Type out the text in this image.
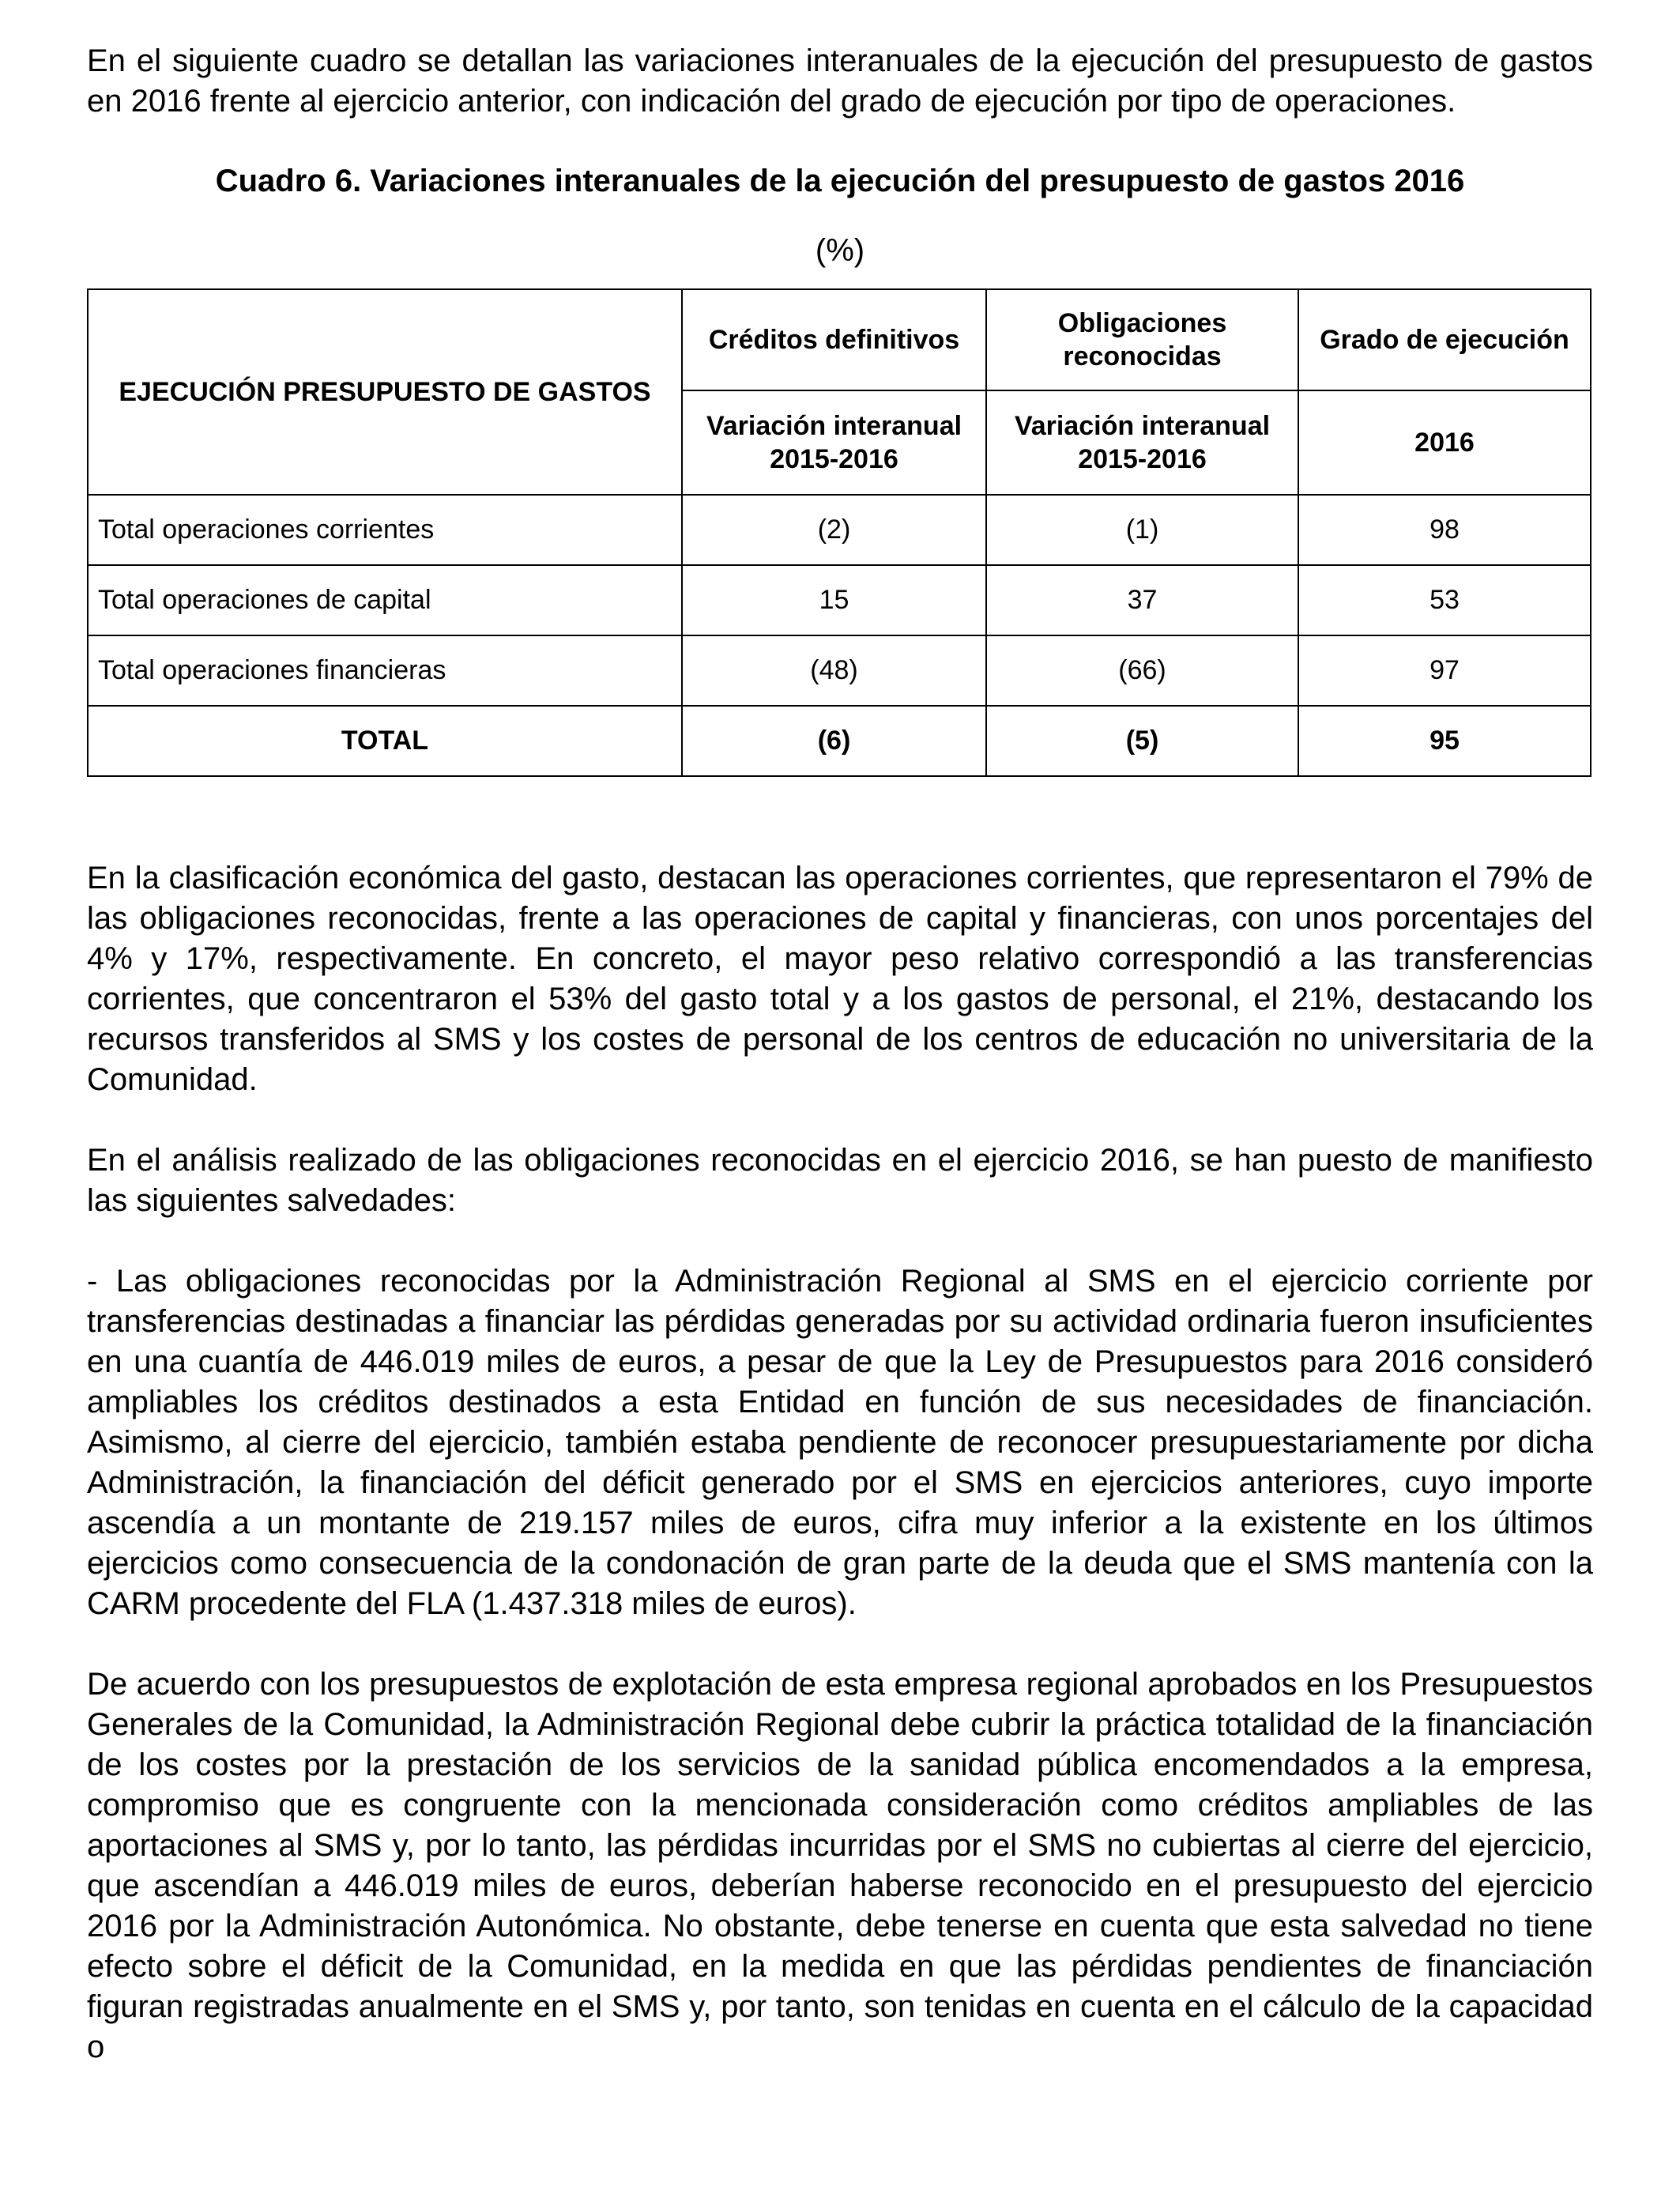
En el siguiente cuadro se detallan las variaciones interanuales de la ejecución del presupuesto de gastos en 2016 frente al ejercicio anterior, con indicación del grado de ejecución por tipo de operaciones.

Cuadro 6. Variaciones interanuales de la ejecución del presupuesto de gastos 2016
(%)
EJECUCIÓN PRESUPUESTO DE GASTOS	Créditos definitivos	Obligaciones reconocidas	Grado de ejecución
	Variación interanual 2015-2016	Variación interanual 2015-2016	2016
Total operaciones corrientes	(2)	(1)	98
Total operaciones de capital	15	37	53
Total operaciones financieras	(48)	(66)	97
TOTAL	(6)	(5)	95

En la clasificación económica del gasto, destacan las operaciones corrientes, que representaron el 79% de las obligaciones reconocidas, frente a las operaciones de capital y financieras, con unos porcentajes del 4% y 17%, respectivamente. En concreto, el mayor peso relativo correspondió a las transferencias corrientes, que concentraron el 53% del gasto total y a los gastos de personal, el 21%, destacando los recursos transferidos al SMS y los costes de personal de los centros de educación no universitaria de la Comunidad.

En el análisis realizado de las obligaciones reconocidas en el ejercicio 2016, se han puesto de manifiesto las siguientes salvedades:

- Las obligaciones reconocidas por la Administración Regional al SMS en el ejercicio corriente por transferencias destinadas a financiar las pérdidas generadas por su actividad ordinaria fueron insuficientes en una cuantía de 446.019 miles de euros, a pesar de que la Ley de Presupuestos para 2016 consideró ampliables los créditos destinados a esta Entidad en función de sus necesidades de financiación. Asimismo, al cierre del ejercicio, también estaba pendiente de reconocer presupuestariamente por dicha Administración, la financiación del déficit generado por el SMS en ejercicios anteriores, cuyo importe ascendía a un montante de 219.157 miles de euros, cifra muy inferior a la existente en los últimos ejercicios como consecuencia de la condonación de gran parte de la deuda que el SMS mantenía con la CARM procedente del FLA (1.437.318 miles de euros).

De acuerdo con los presupuestos de explotación de esta empresa regional aprobados en los Presupuestos Generales de la Comunidad, la Administración Regional debe cubrir la práctica totalidad de la financiación de los costes por la prestación de los servicios de la sanidad pública encomendados a la empresa, compromiso que es congruente con la mencionada consideración como créditos ampliables de las aportaciones al SMS y, por lo tanto, las pérdidas incurridas por el SMS no cubiertas al cierre del ejercicio, que ascendían a 446.019 miles de euros, deberían haberse reconocido en el presupuesto del ejercicio 2016 por la Administración Autonómica. No obstante, debe tenerse en cuenta que esta salvedad no tiene efecto sobre el déficit de la Comunidad, en la medida en que las pérdidas pendientes de financiación figuran registradas anualmente en el SMS y, por tanto, son tenidas en cuenta en el cálculo de la capacidad o
